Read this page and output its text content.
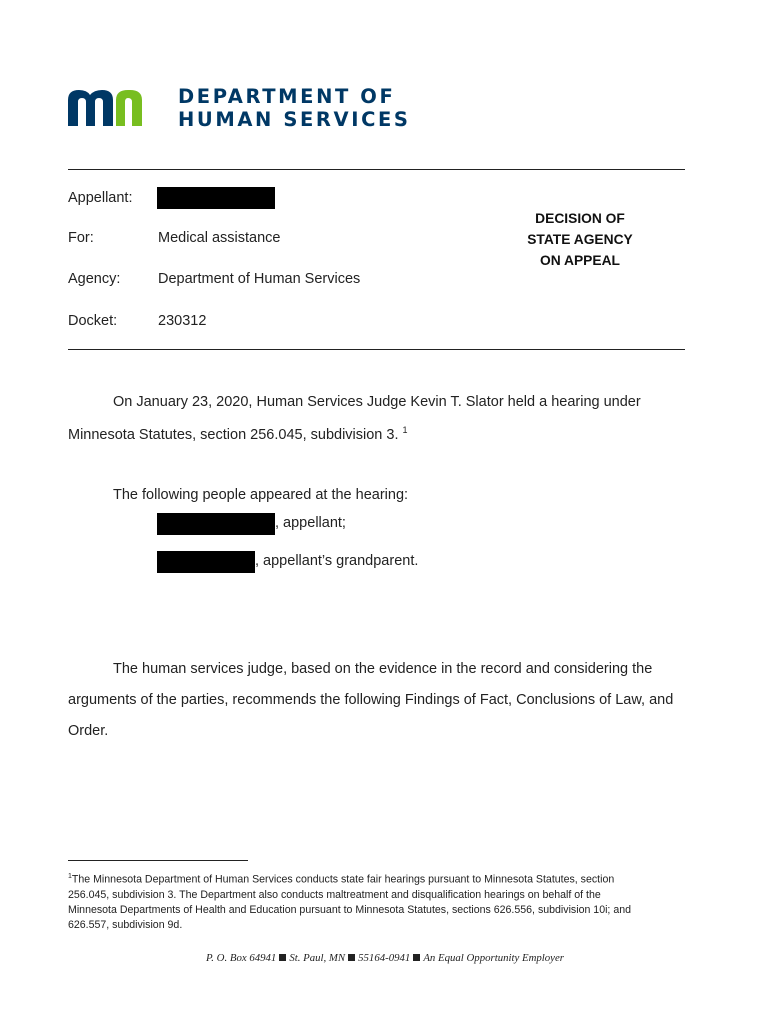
DEPARTMENT OF
HUMAN SERVICES
Appellant:
For:	Medical assistance
Agency:	Department of Human Services
Docket:	230312
DECISION OF
STATE AGENCY
ON APPEAL
On January 23, 2020, Human Services Judge Kevin T. Slator held a hearing under
Minnesota Statutes, section 256.045, subdivision 3. $^1$
The following people appeared at the hearing:
, appellant;
, appellant’s grandparent.
The human services judge, based on the evidence in the record and considering the
arguments of the parties, recommends the following Findings of Fact, Conclusions of Law, and
Order.
$^1$The Minnesota Department of Human Services conducts state fair hearings pursuant to Minnesota Statutes, section
256.045, subdivision 3. The Department also conducts maltreatment and disqualification hearings on behalf of the
Minnesota Departments of Health and Education pursuant to Minnesota Statutes, sections 626.556, subdivision 10i; and
626.557, subdivision 9d.
P. O. Box 64941 St. Paul, MN 55164-0941 An Equal Opportunity Employer
